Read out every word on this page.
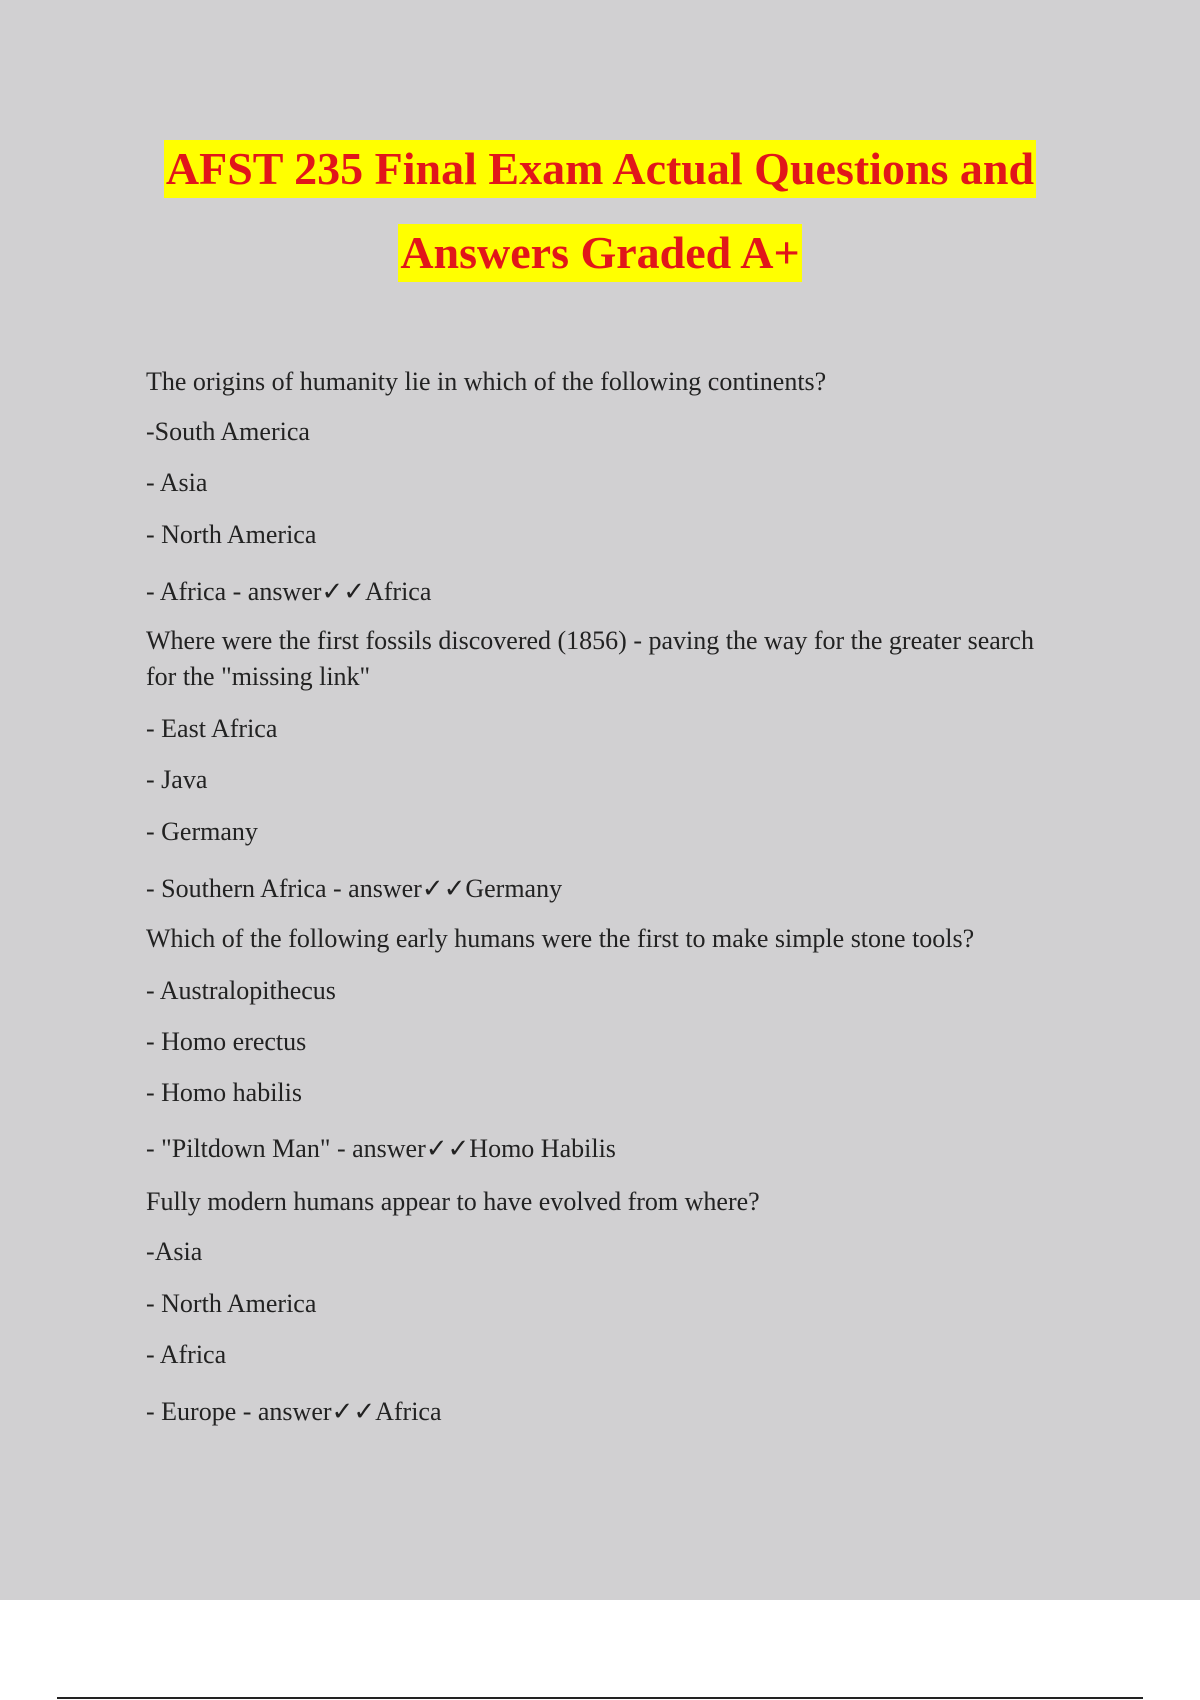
AFST 235 Final Exam Actual Questions and
Answers Graded A+
The origins of humanity lie in which of the following continents?
-South America
- Asia
- North America
- Africa - answer✓✓Africa
Where were the first fossils discovered (1856) - paving the way for the greater search for the "missing link"
- East Africa
- Java
- Germany
- Southern Africa - answer✓✓Germany
Which of the following early humans were the first to make simple stone tools?
- Australopithecus
- Homo erectus
- Homo habilis
- "Piltdown Man" - answer✓✓Homo Habilis
Fully modern humans appear to have evolved from where?
-Asia
- North America
- Africa
- Europe - answer✓✓Africa
